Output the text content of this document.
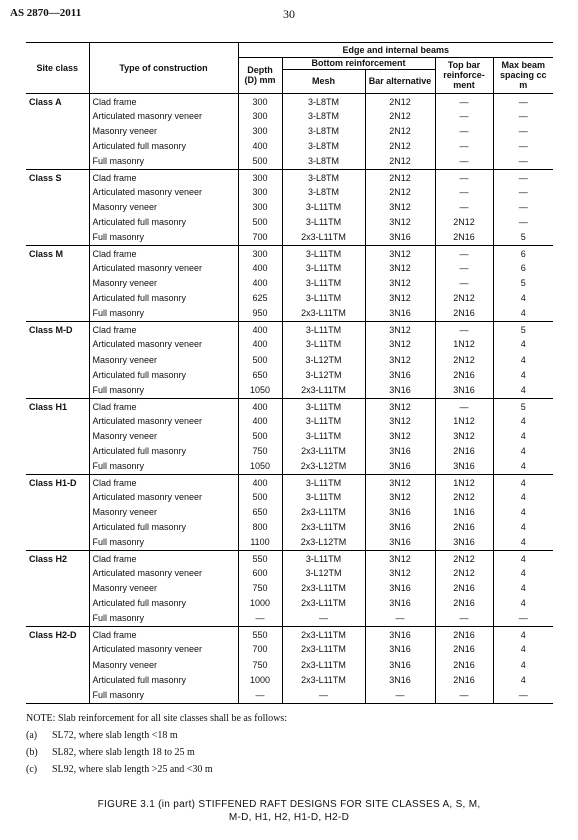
AS 2870—2011	30
Site class	Type of construction	Edge and internal beams				
		Depth (D) mm	Bottom reinforcement		Top bar reinforce-ment	Max beam spacing cc m
			Mesh	Bar alternative		
Class A	Clad frame	300	3-L8TM	2N12	—	—
	Articulated masonry veneer	300	3-L8TM	2N12	—	—
	Masonry veneer	300	3-L8TM	2N12	—	—
	Articulated full masonry	400	3-L8TM	2N12	—	—
	Full masonry	500	3-L8TM	2N12	—	—
Class S	Clad frame	300	3-L8TM	2N12	—	—
	Articulated masonry veneer	300	3-L8TM	2N12	—	—
	Masonry veneer	300	3-L11TM	3N12	—	—
	Articulated full masonry	500	3-L11TM	3N12	2N12	—
	Full masonry	700	2x3-L11TM	3N16	2N16	5
Class M	Clad frame	300	3-L11TM	3N12	—	6
	Articulated masonry veneer	400	3-L11TM	3N12	—	6
	Masonry veneer	400	3-L11TM	3N12	—	5
	Articulated full masonry	625	3-L11TM	3N12	2N12	4
	Full masonry	950	2x3-L11TM	3N16	2N16	4
Class M-D	Clad frame	400	3-L11TM	3N12	—	5
	Articulated masonry veneer	400	3-L11TM	3N12	1N12	4
	Masonry veneer	500	3-L12TM	3N12	2N12	4
	Articulated full masonry	650	3-L12TM	3N16	2N16	4
	Full masonry	1050	2x3-L11TM	3N16	3N16	4
Class H1	Clad frame	400	3-L11TM	3N12	—	5
	Articulated masonry veneer	400	3-L11TM	3N12	1N12	4
	Masonry veneer	500	3-L11TM	3N12	3N12	4
	Articulated full masonry	750	2x3-L11TM	3N16	2N16	4
	Full masonry	1050	2x3-L12TM	3N16	3N16	4
Class H1-D	Clad frame	400	3-L11TM	3N12	1N12	4
	Articulated masonry veneer	500	3-L11TM	3N12	2N12	4
	Masonry veneer	650	2x3-L11TM	3N16	1N16	4
	Articulated full masonry	800	2x3-L11TM	3N16	2N16	4
	Full masonry	1100	2x3-L12TM	3N16	3N16	4
Class H2	Clad frame	550	3-L11TM	3N12	2N12	4
	Articulated masonry veneer	600	3-L12TM	3N12	2N12	4
	Masonry veneer	750	2x3-L11TM	3N16	2N16	4
	Articulated full masonry	1000	2x3-L11TM	3N16	2N16	4
	Full masonry	—	—	—	—	—
Class H2-D	Clad frame	550	2x3-L11TM	3N16	2N16	4
	Articulated masonry veneer	700	2x3-L11TM	3N16	2N16	4
	Masonry veneer	750	2x3-L11TM	3N16	2N16	4
	Articulated full masonry	1000	2x3-L11TM	3N16	2N16	4
	Full masonry	—	—	—	—	—
NOTE: Slab reinforcement for all site classes shall be as follows:
(a) SL72, where slab length <18 m
(b) SL82, where slab length 18 to 25 m
(c) SL92, where slab length >25 and <30 m
FIGURE 3.1 (in part) STIFFENED RAFT DESIGNS FOR SITE CLASSES A, S, M,
M-D, H1, H2, H1-D, H2-D
